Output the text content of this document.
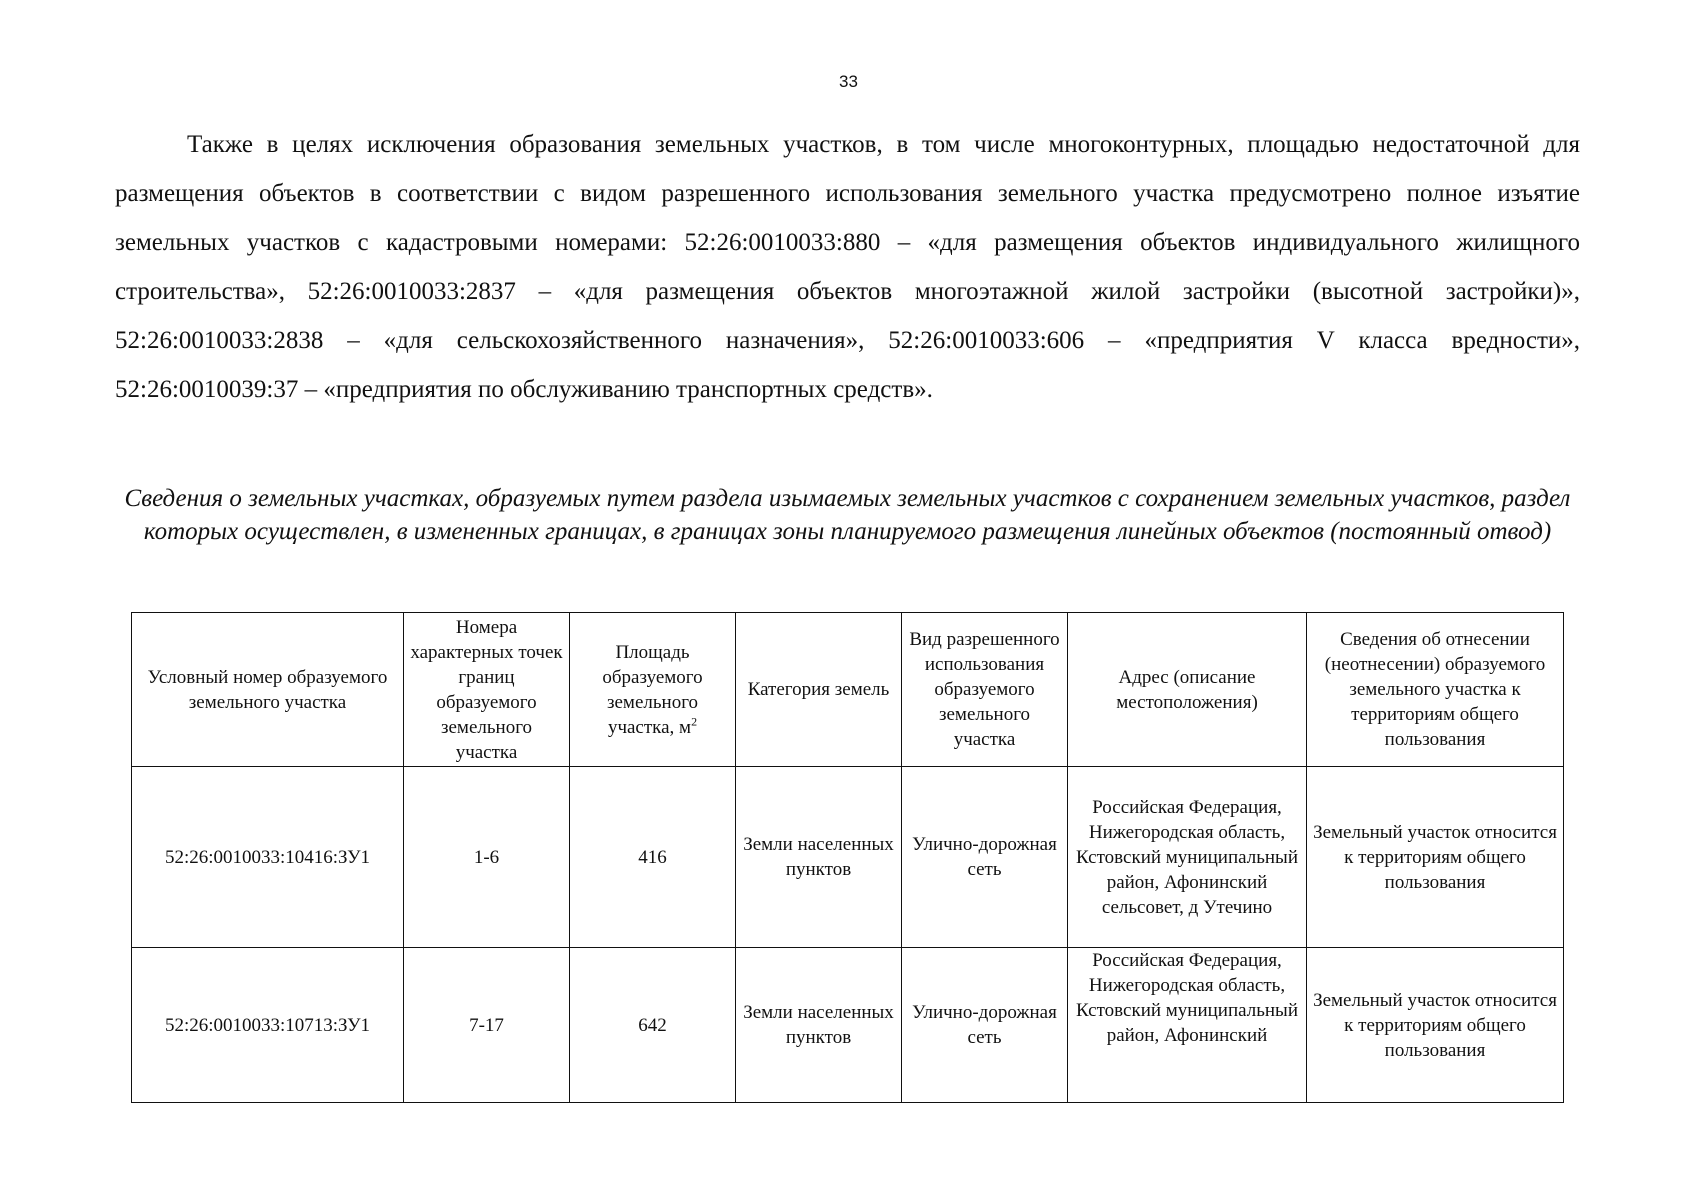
33

Также в целях исключения образования земельных участков, в том числе многоконтурных, площадью недостаточной для размещения объектов в соответствии с видом разрешенного использования земельного участка предусмотрено полное изъятие земельных участков с кадастровыми номерами: 52:26:0010033:880 – «для размещения объектов индивидуального жилищного строительства», 52:26:0010033:2837 – «для размещения объектов многоэтажной жилой застройки (высотной застройки)», 52:26:0010033:2838 – «для сельскохозяйственного назначения», 52:26:0010033:606 – «предприятия V класса вредности», 52:26:0010039:37 – «предприятия по обслуживанию транспортных средств».

Сведения о земельных участках, образуемых путем раздела изымаемых земельных участков с сохранением земельных участков, раздел которых осуществлен, в измененных границах, в границах зоны планируемого размещения линейных объектов (постоянный отвод)

Условный номер образуемого земельного участка	Номера характерных точек границ образуемого земельного участка	Площадь образуемого земельного участка, $м^2$	Категория земель	Вид разрешенного использования образуемого земельного участка	Адрес (описание местоположения)	Сведения об отнесении (неотнесении) образуемого земельного участка к территориям общего пользования
52:26:0010033:10416:ЗУ1	1-6	416	Земли населенных пунктов	Улично-дорожная сеть	Российская Федерация, Нижегородская область, Кстовский муниципальный район, Афонинский сельсовет, д Утечино	Земельный участок относится к территориям общего пользования
52:26:0010033:10713:ЗУ1	7-17	642	Земли населенных пунктов	Улично-дорожная сеть	Российская Федерация, Нижегородская область, Кстовский муниципальный район, Афонинский	Земельный участок относится к территориям общего пользования
